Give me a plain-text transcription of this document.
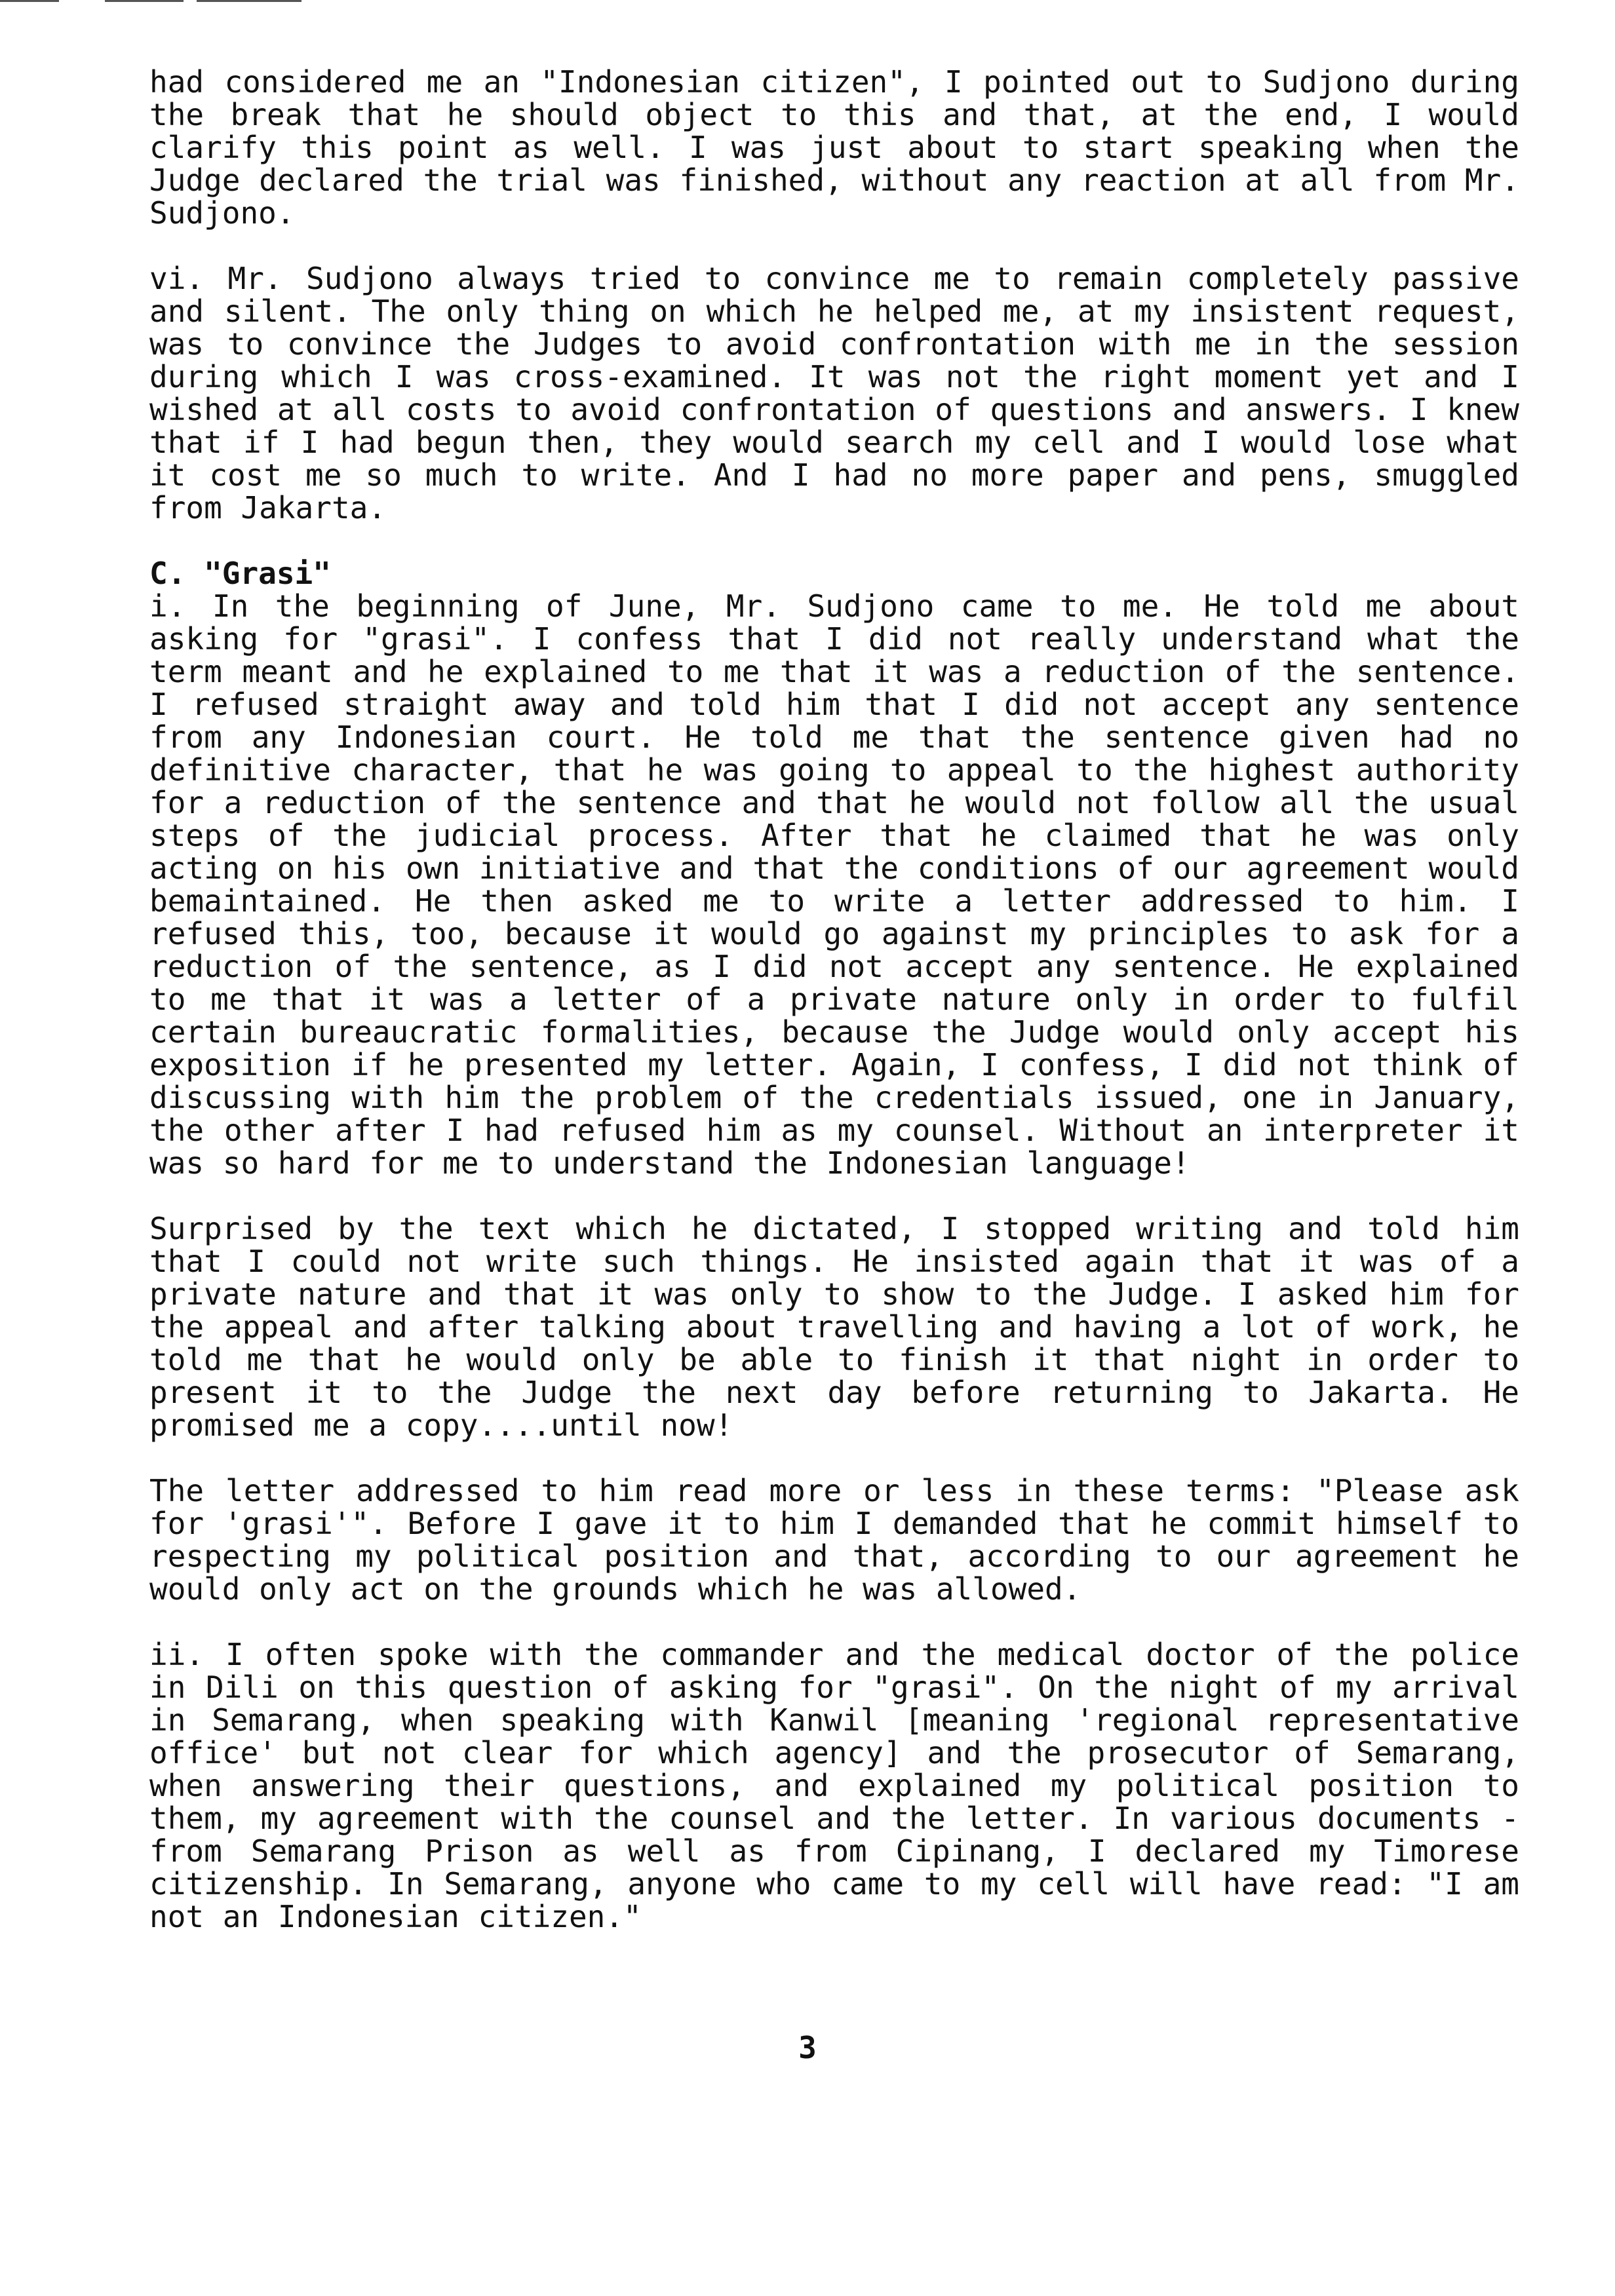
had considered me an "Indonesian citizen", I pointed out to Sudjono during the break that he should object to this and that, at the end, I would clarify this point as well. I was just about to start speaking when the Judge declared the trial was finished, without any reaction at all from Mr. Sudjono.

vi. Mr. Sudjono always tried to convince me to remain completely passive and silent. The only thing on which he helped me, at my insistent request, was to convince the Judges to avoid confrontation with me in the session during which I was cross-examined. It was not the right moment yet and I wished at all costs to avoid confrontation of questions and answers. I knew that if I had begun then, they would search my cell and I would lose what it cost me so much to write. And I had no more paper and pens, smuggled from Jakarta.

C. "Grasi"

i. In the beginning of June, Mr. Sudjono came to me. He told me about asking for "grasi". I confess that I did not really understand what the term meant and he explained to me that it was a reduction of the sentence. I refused straight away and told him that I did not accept any sentence from any Indonesian court. He told me that the sentence given had no definitive character, that he was going to appeal to the highest authority for a reduction of the sentence and that he would not follow all the usual steps of the judicial process. After that he claimed that he was only acting on his own initiative and that the conditions of our agreement would bemaintained. He then asked me to write a letter addressed to him. I refused this, too, because it would go against my principles to ask for a reduction of the sentence, as I did not accept any sentence. He explained to me that it was a letter of a private nature only in order to fulfil certain bureaucratic formalities, because the Judge would only accept his exposition if he presented my letter. Again, I confess, I did not think of discussing with him the problem of the credentials issued, one in January, the other after I had refused him as my counsel. Without an interpreter it was so hard for me to understand the Indonesian language!

Surprised by the text which he dictated, I stopped writing and told him that I could not write such things. He insisted again that it was of a private nature and that it was only to show to the Judge. I asked him for the appeal and after talking about travelling and having a lot of work, he told me that he would only be able to finish it that night in order to present it to the Judge the next day before returning to Jakarta. He promised me a copy....until now!

The letter addressed to him read more or less in these terms: "Please ask for 'grasi'". Before I gave it to him I demanded that he commit himself to respecting my political position and that, according to our agreement he would only act on the grounds which he was allowed.

ii. I often spoke with the commander and the medical doctor of the police in Dili on this question of asking for "grasi". On the night of my arrival in Semarang, when speaking with Kanwil [meaning 'regional representative office' but not clear for which agency] and the prosecutor of Semarang, when answering their questions, and explained my political position to them, my agreement with the counsel and the letter. In various documents - from Semarang Prison as well as from Cipinang, I declared my Timorese citizenship. In Semarang, anyone who came to my cell will have read: "I am not an Indonesian citizen."

3
